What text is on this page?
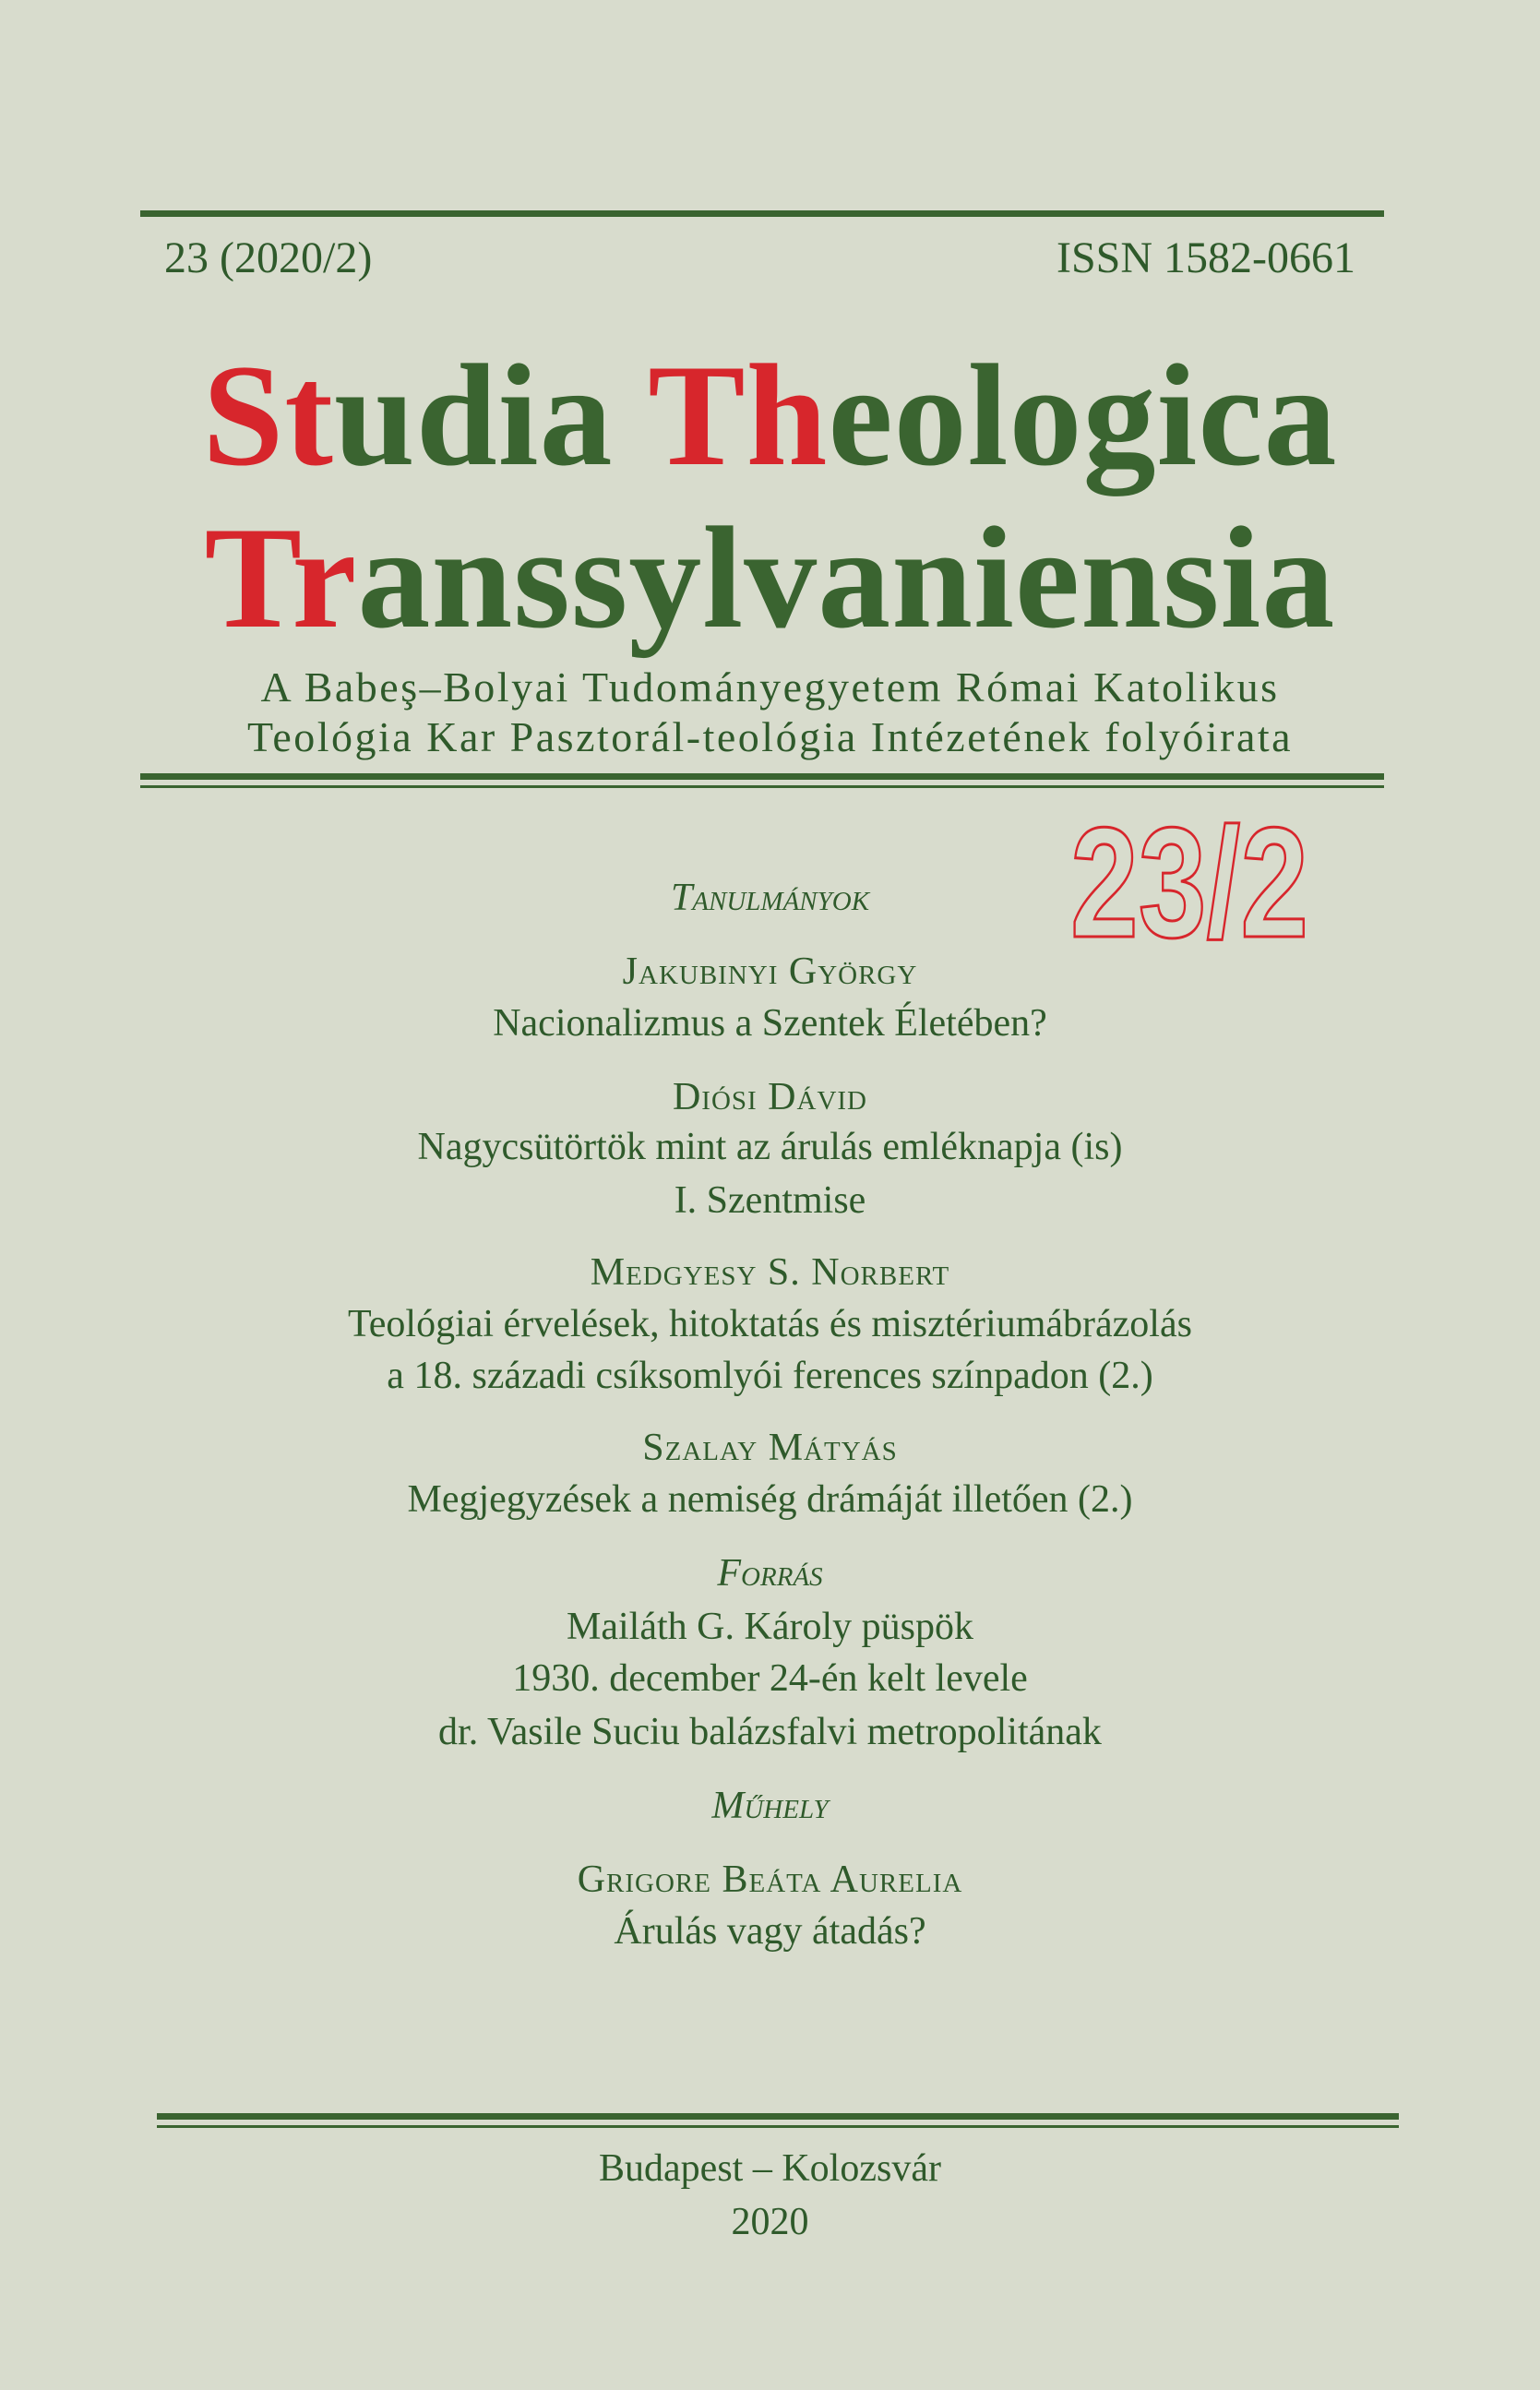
23 (2020/2)	ISSN 1582-0661
Studia Theologica
Transsylvaniensia
A Babeş–Bolyai Tudományegyetem Római Katolikus
Teológia Kar Pasztorál-teológia Intézetének folyóirata
23/2
Tanulmányok
Jakubinyi György
Nacionalizmus a Szentek Életében?
Diósi Dávid
Nagycsütörtök mint az árulás emléknapja (is)
I. Szentmise
Medgyesy S. Norbert
Teológiai érvelések, hitoktatás és misztériumábrázolás
a 18. századi csíksomlyói ferences színpadon (2.)
Szalay Mátyás
Megjegyzések a nemiség drámáját illetően (2.)
Forrás
Mailáth G. Károly püspök
1930. december 24-én kelt levele
dr. Vasile Suciu balázsfalvi metropolitának
Műhely
Grigore Beáta Aurelia
Árulás vagy átadás?
Budapest – Kolozsvár
2020
